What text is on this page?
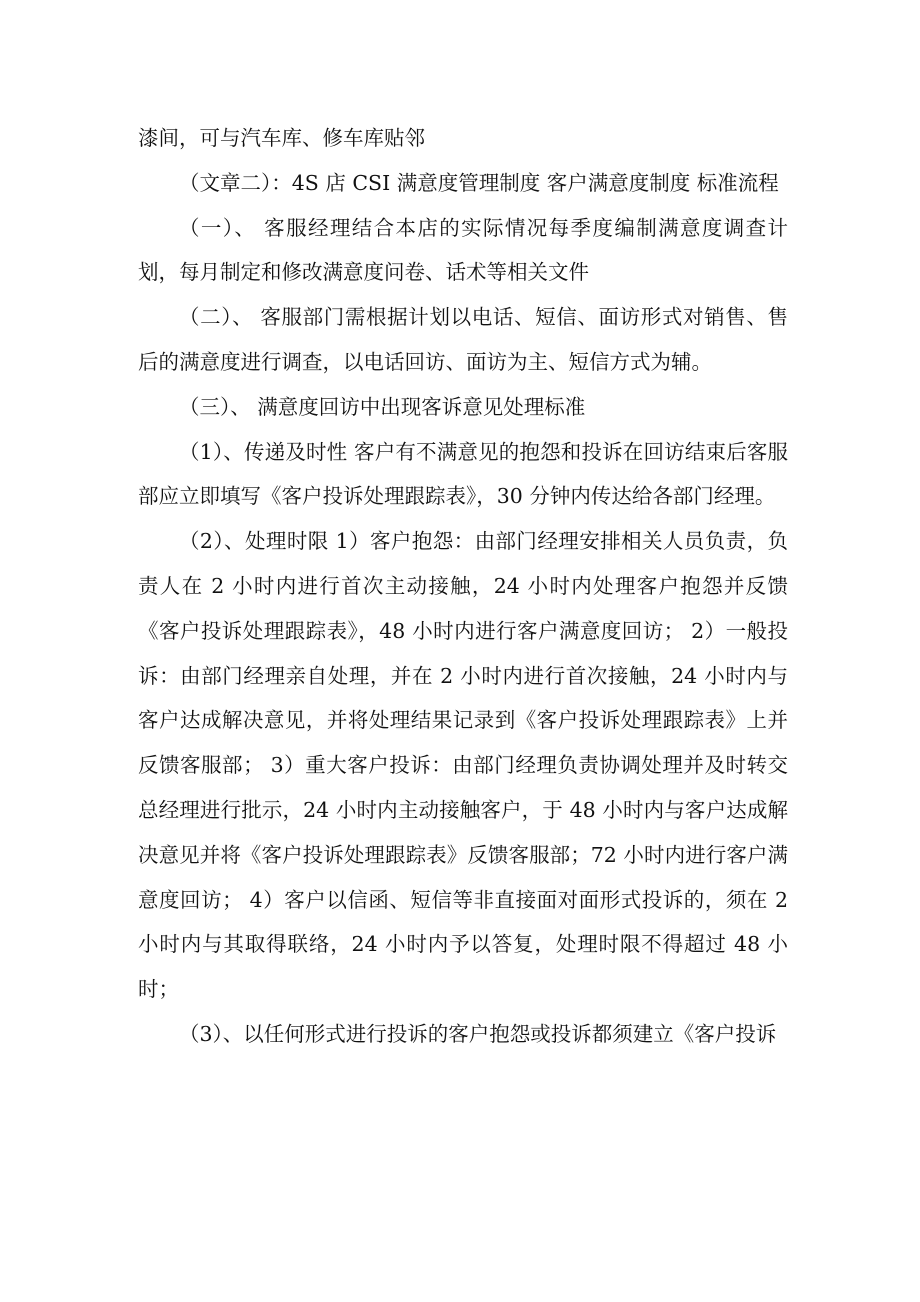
漆间，可与汽车库、修车库贴邻

（文章二）：4S 店 CSI 满意度管理制度 客户满意度制度 标准流程

（一）、 客服经理结合本店的实际情况每季度编制满意度调查计划，每月制定和修改满意度问卷、话术等相关文件

（二）、 客服部门需根据计划以电话、短信、面访形式对销售、售后的满意度进行调查，以电话回访、面访为主、短信方式为辅。

（三）、 满意度回访中出现客诉意见处理标准

（1）、传递及时性 客户有不满意见的抱怨和投诉在回访结束后客服部应立即填写《客户投诉处理跟踪表》，30 分钟内传达给各部门经理。

（2）、处理时限 1）客户抱怨：由部门经理安排相关人员负责，负责人在 2 小时内进行首次主动接触，24 小时内处理客户抱怨并反馈《客户投诉处理跟踪表》，48 小时内进行客户满意度回访； 2）一般投诉：由部门经理亲自处理，并在 2 小时内进行首次接触，24 小时内与客户达成解决意见，并将处理结果记录到《客户投诉处理跟踪表》上并反馈客服部； 3）重大客户投诉：由部门经理负责协调处理并及时转交总经理进行批示，24 小时内主动接触客户，于 48 小时内与客户达成解决意见并将《客户投诉处理跟踪表》反馈客服部；72 小时内进行客户满意度回访； 4）客户以信函、短信等非直接面对面形式投诉的，须在 2 小时内与其取得联络，24 小时内予以答复，处理时限不得超过 48 小时；

（3）、以任何形式进行投诉的客户抱怨或投诉都须建立《客户投诉
